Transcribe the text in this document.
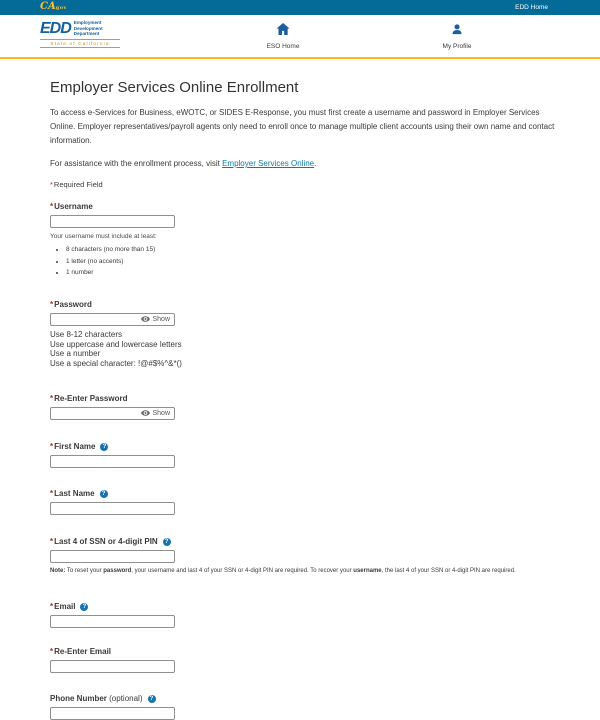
CAgov	EDD Home
EDD Employment
Development
Department
State of California	ESO Home	My Profile
Employer Services Online Enrollment

To access e-Services for Business, eWOTC, or SIDES E-Response, you must first create a username and password in Employer Services Online. Employer representatives/payroll agents only need to enroll once to manage multiple client accounts using their own name and contact information.

For assistance with the enrollment process, visit Employer Services Online.

*Required Field

*Username
Your username must include at least:
• 8 characters (no more than 15)
• 1 letter (no accents)
• 1 number
*Password
Show
Use 8-12 characters
Use uppercase and lowercase letters
Use a number
Use a special character: !@#$%^&*()
*Re-Enter Password
Show
*First Name	?
*Last Name	?
*Last 4 of SSN or 4-digit PIN	?
Note: To reset your password, your username and last 4 of your SSN or 4-digit PIN are required. To recover your username, the last 4 of your SSN or 4-digit PIN are required.
*Email	?
*Re-Enter Email
Phone Number (optional)	?
